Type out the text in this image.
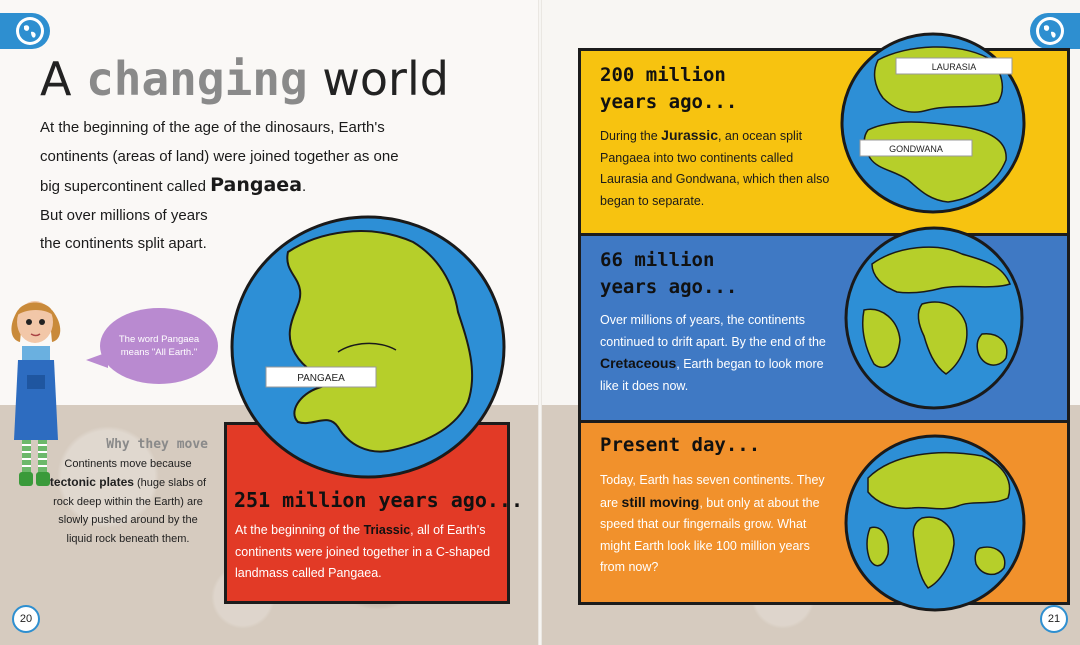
A changing world

At the beginning of the age of the dinosaurs, Earth's continents (areas of land) were joined together as one big supercontinent called Pangaea.
But over millions of years
the continents split apart.

The word Pangaea means "All Earth."
Why they move

Continents move because tectonic plates (huge slabs of rock deep within the Earth) are slowly pushed around by the liquid rock beneath them.

PANGAEA
251 million years ago...

At the beginning of the Triassic, all of Earth's continents were joined together in a C-shaped landmass called Pangaea.

20
200 million
years ago...

During the Jurassic, an ocean split Pangaea into two continents called Laurasia and Gondwana, which then also began to separate.

66 million
years ago...

Over millions of years, the continents continued to drift apart. By the end of the Cretaceous, Earth began to look more like it does now.

Present day...

Today, Earth has seven continents. They are still moving, but only at about the speed that our fingernails grow. What might Earth look like 100 million years from now?

LAURASIA
GONDWANA
21
